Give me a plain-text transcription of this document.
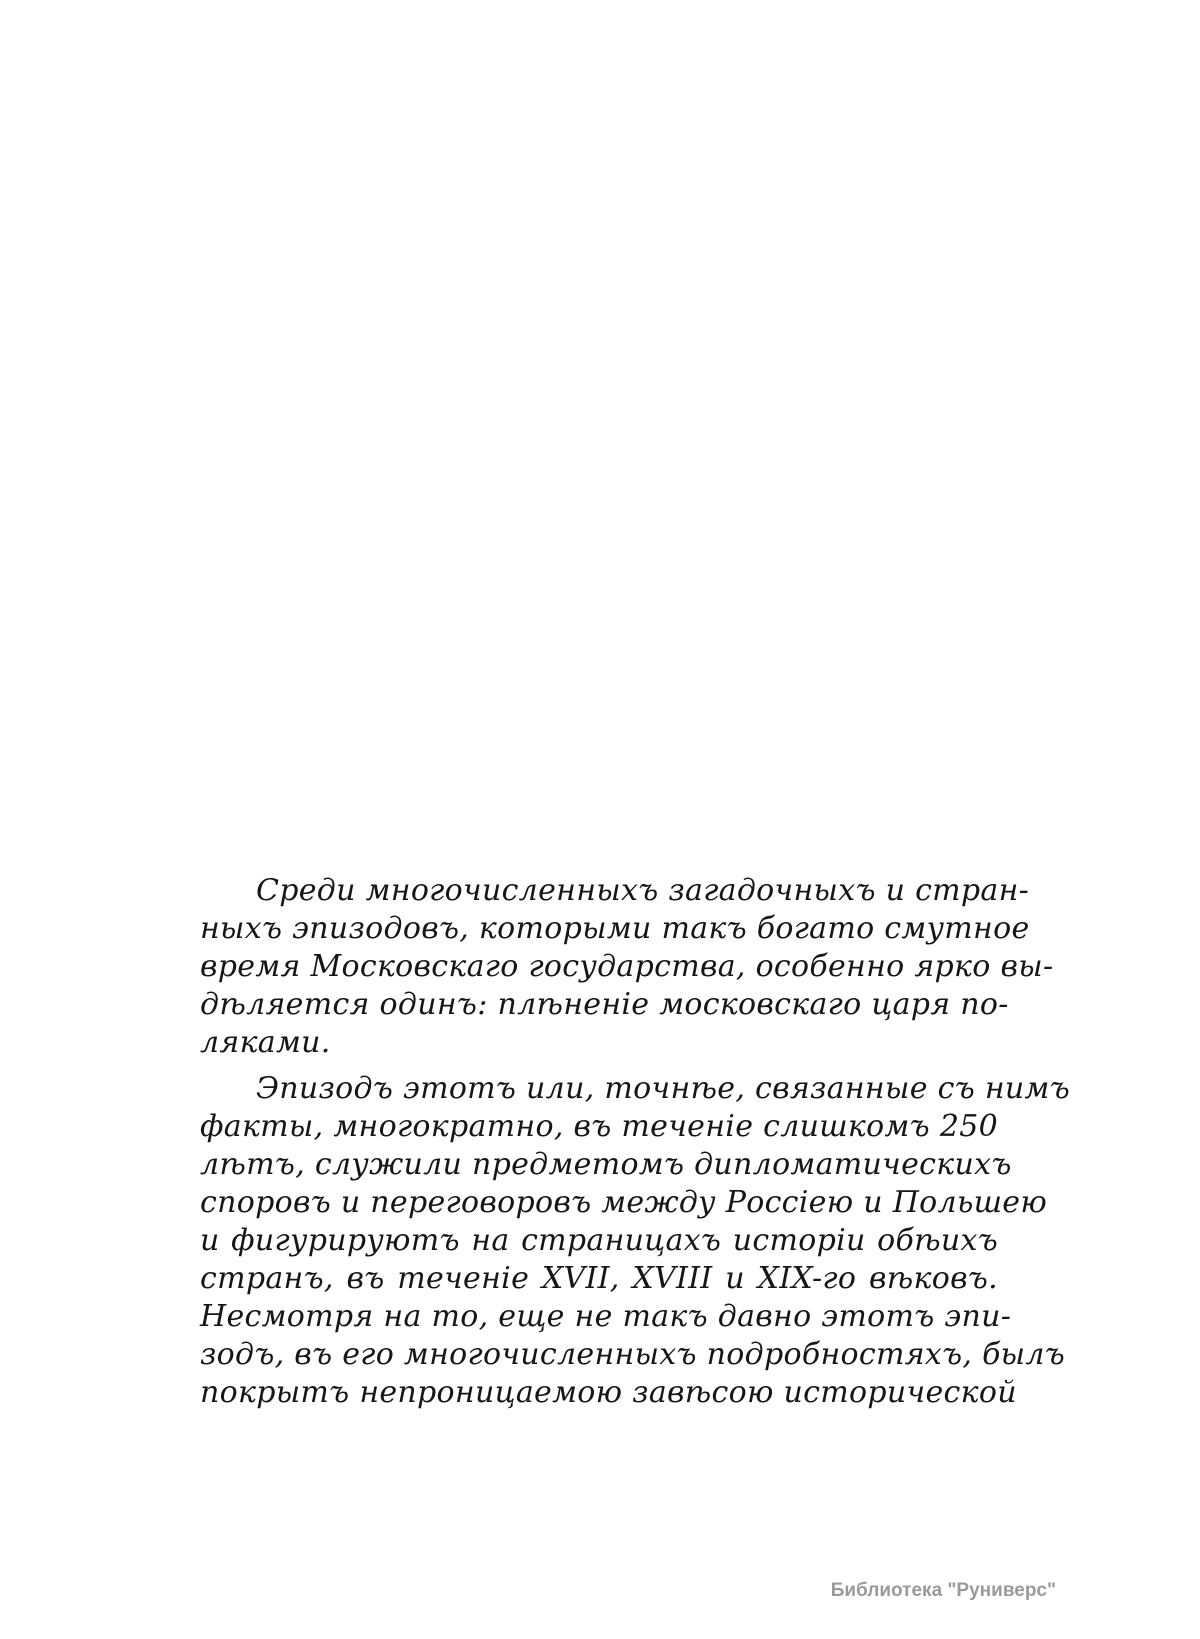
Среди многочисленныхъ загадочныхъ и стран-
ныхъ эпизодовъ, которыми такъ богато смутное
время Московскаго государства, особенно ярко вы-
дѣляется одинъ: плѣненіе московскаго царя по-
ляками.
Эпизодъ этотъ или, точнѣе, связанные съ нимъ
факты, многократно, въ теченіе слишкомъ 250
лѣтъ, служили предметомъ дипломатическихъ
споровъ и переговоровъ между Россіею и Польшею
и фигурируютъ на страницахъ исторіи обѣихъ
странъ, въ теченіе XVII, XVIII и XIX-го вѣковъ.
Несмотря на то, еще не такъ давно этотъ эпи-
зодъ, въ его многочисленныхъ подробностяхъ, былъ
покрытъ непроницаемою завѣсою исторической
Библиотека "Руниверс"
